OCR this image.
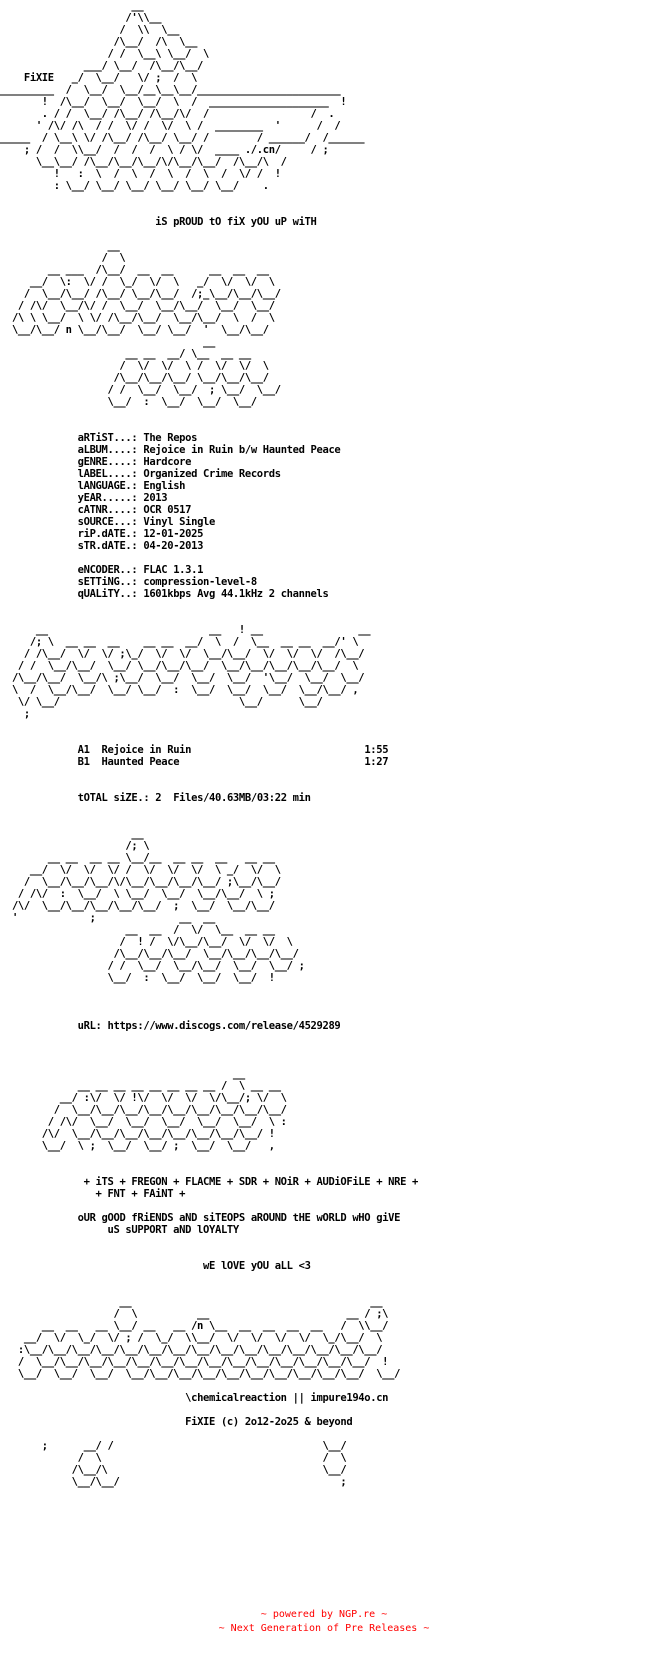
__
/'\\__
/  \\  \__
/\__/  /\  \__
/ /  \__\ \__/  \
___/ \__/  /\__/\__/
FiXIE   _/  \__/   \/ ;  /  \
_________  /  \__/  \__/__\__\__/________________________
!  /\__/  \__/  \__/  \  /  ____________________  !
. / /  \__/ /\__/ /\__/\/  /                 /  .
' /\/ /\  / /  \/ /  \/  \ /  ________  '      /  /
_____  / \__\ \/ /\__/ /\__/ \__/ /        / ______/  /______
; /  /  \\__/  /  /  /  \ / \/  ____ ./.cn/     / ;
\__\__/ /\__/\__/\__/\/\__/\__/  /\__/\  /
!   :  \  /  \  /  \  /  \  /  \/ /  !
: \__/ \__/ \__/ \__/ \__/ \__/    .

iS pROUD tO fiX yOU uP wiTH

__
/  \
__ ___  /\__/  __  __      __  __  __
__/  \:  \/ /  \_/  \/  \   _/  \/  \/  \
/  \__/\__/ /\__/ \__/\__/  /;_\__/\__/\__/
/ /\/  \__/\/ /  \__/  \__/\__/  \__/  \__/
/\ \ \__/  \ \/ /\__/\__/  \__/\__/  \  /  \
\__/\__/ n \__/\__/  \__/ \__/  '  \__/\__/
__
__ __  __/ \__  __ __
/  \/  \/  \ /  \/  \/  \
/\__/\__/\__/ \__/\__/\__/
/ /  \__/  \__/  ; \__/  \__/
\__/  :  \__/  \__/  \__/

aRTiST...: The Repos
aLBUM....: Rejoice in Ruin b/w Haunted Peace
gENRE....: Hardcore
lABEL....: Organized Crime Records
lANGUAGE.: English
yEAR.....: 2013
cATNR....: OCR 0517
sOURCE...: Vinyl Single
riP.dATE.: 12-01-2025
sTR.dATE.: 04-20-2013
eNCODER..: FLAC 1.3.1
sETTiNG..: compression-level-8
qUALiTY..: 1601kbps Avg 44.1kHz 2 channels

__                           __   ! __                __
/; \  __ __  __    __ __  __/  \  /  \__  __ __  __/' \
/ /\__/  \/  \/ ;\_/  \/  \/  \__/\__/  \/  \/  \/  /\__/
/ /  \__/\__/  \__/ \__/\__/\__/  \__/\__/\__/\__/\__/  \
/\__/\__/  \__/\ ;\__/  \__/  \__/  \__/  '\__/  \__/  \__/
\  /  \__/\__/  \__/ \__/  :  \__/  \__/  \__/  \__/\__/ ,
\/ \__/                              \__/      \__/
;

A1 Rejoice in Ruin	1:55
B1 Haunted Peace	1:27

tOTAL siZE.: 2  Files/40.63MB/03:22 min

__
/; \
__ __  __ __ \__/__  __ __  __   __ __
__/  \/  \/  \/ /  \/  \/  \/  \ _/  \/  \
/  \__/\__/\__/\/\__/\__/\__/\__/ ;\__/\__/
/ /\/  :  \__/  \ \__/  \__/  \__/\__/  \ ;
/\/  \__/\__/\__/\__/\__/  ;  \__/  \__/\__/
'            ;              __  __
__  __  /  \/  \__  __ __
/  ! /  \/\__/\__/  \/  \/  \
/\__/\__/\__/  \__/\__/\__/\__/
/ /  \__/  \__/\__/  \__/  \__/ ;
\__/  :  \__/  \__/  \__/  !

uRL: https://www.discogs.com/release/4529289

__
__ __ __ __ __ __ __ __ /  \ __ __
__/ :\/  \/ !\/  \/  \/  \/\__/; \/  \
/  \__/\__/\__/\__/\__/\__/\__/\__/\__/
/ /\/  \__/  \__/  \__/  \__/  \__/  \ :
/\/  \__/\__/\__/\__/\__/\__/\__/\__/ !
\__/  \ ;  \__/  \__/ ;  \__/  \__/   ,

+ iTS + FREGON + FLACME + SDR + NOiR + AUDiOFiLE + NRE +
+ FNT + FAiNT +

oUR gOOD fRiENDS aND siTEOPS aROUND tHE wORLD wHO giVE
uS sUPPORT aND lOYALTY

wE lOVE yOU aLL <3

__                                        __
/  \          __                       __ / ;\
__  __   __ \__/ __   __ /n \__  __  __  __  __   /  \\__/
__/  \/  \_/  \/ ; /  \_/  \\__/  \/  \/  \/  \/  \_/\__/  \
:\__/\__/\__/\__/\__/\__/\__/\__/\__/\__/\__/\__/\__/\__/\__/
/  \__/\__/\__/\__/\__/\__/\__/\__/\__/\__/\__/\__/\__/\__/  !
\__/  \__/  \__/  \__/\__/\__/\__/\__/\__/\__/\__/\__/\__/  \__/

\chemicalreaction || impure194o.cn

FiXIE (c) 2o12-2o25 & beyond

;      __/ /                                   \__/
/  \                                     /  \
/\__/\                                    \__/
\__/\__/                                     ;
~ powered by NGP.re ~
~ Next Generation of Pre Releases ~
